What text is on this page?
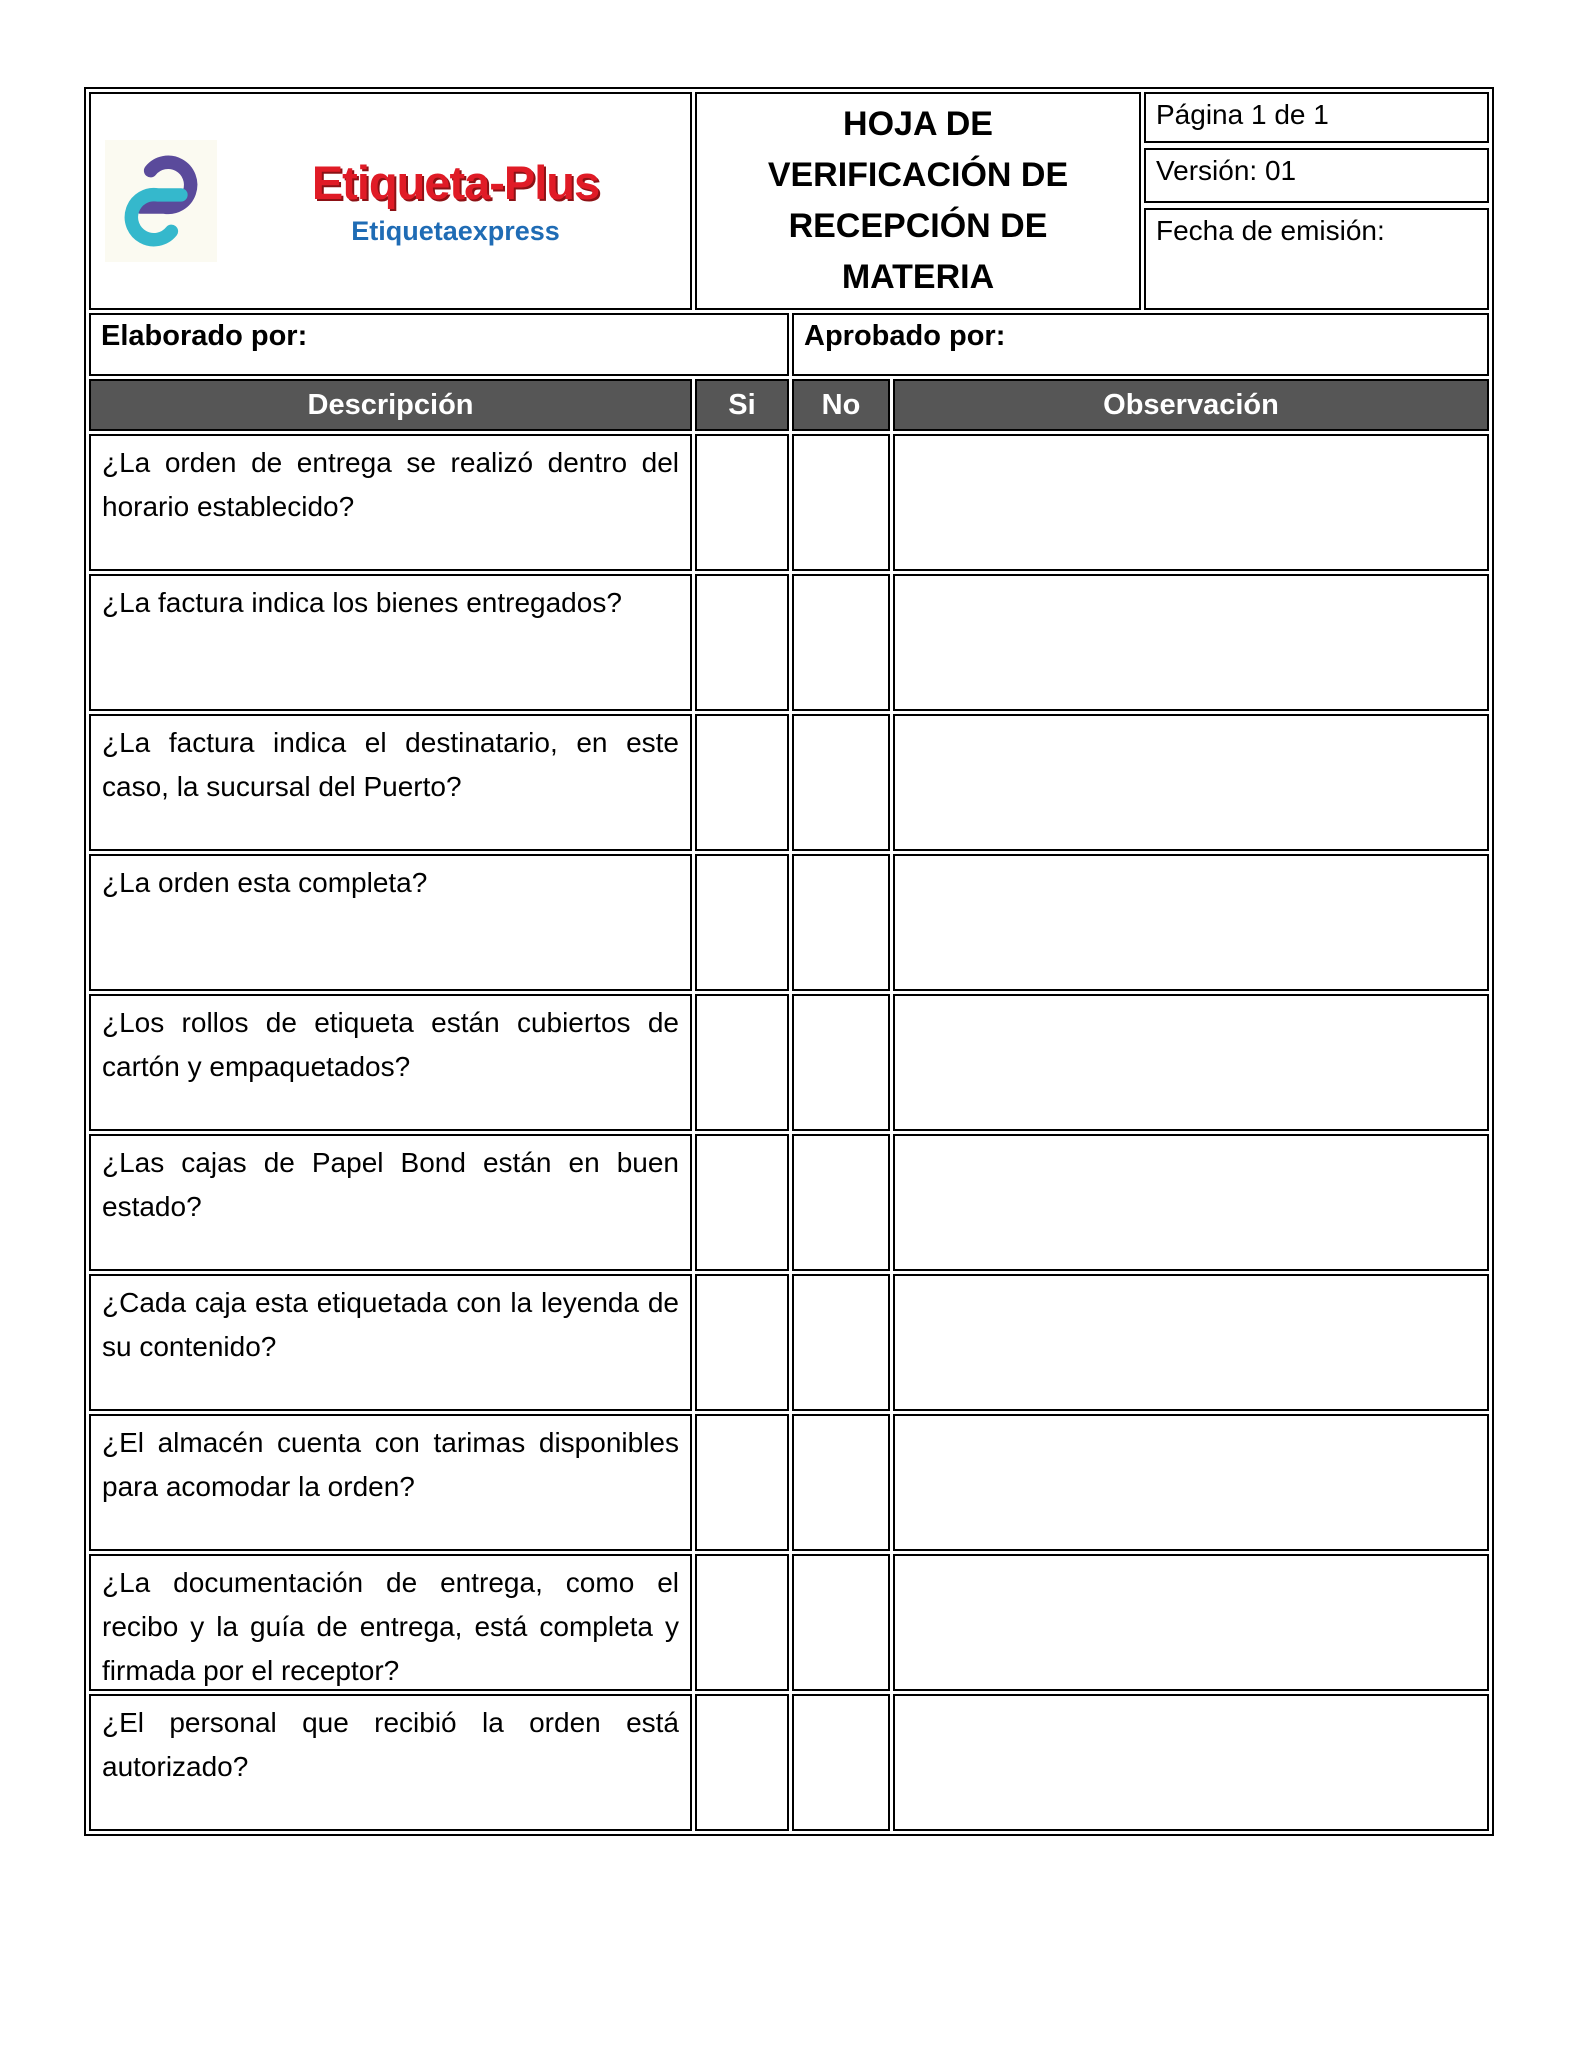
Etiqueta-Plus
Etiquetaexpress
HOJA DE
VERIFICACIÓN DE
RECEPCIÓN DE
MATERIA
Página 1 de 1
Versión: 01
Fecha de emisión:
Elaborado por:	Aprobado por:
Descripción	Si	No	Observación
¿La orden de entrega se realizó dentro del horario establecido?
¿La factura indica los bienes entregados?
¿La factura indica el destinatario, en este caso, la sucursal del Puerto?
¿La orden esta completa?
¿Los rollos de etiqueta están cubiertos de cartón y empaquetados?
¿Las cajas de Papel Bond están en buen estado?
¿Cada caja esta etiquetada con la leyenda de su contenido?
¿El almacén cuenta con tarimas disponibles para acomodar la orden?
¿La documentación de entrega, como el recibo y la guía de entrega, está completa y firmada por el receptor?
¿El personal que recibió la orden está autorizado?
